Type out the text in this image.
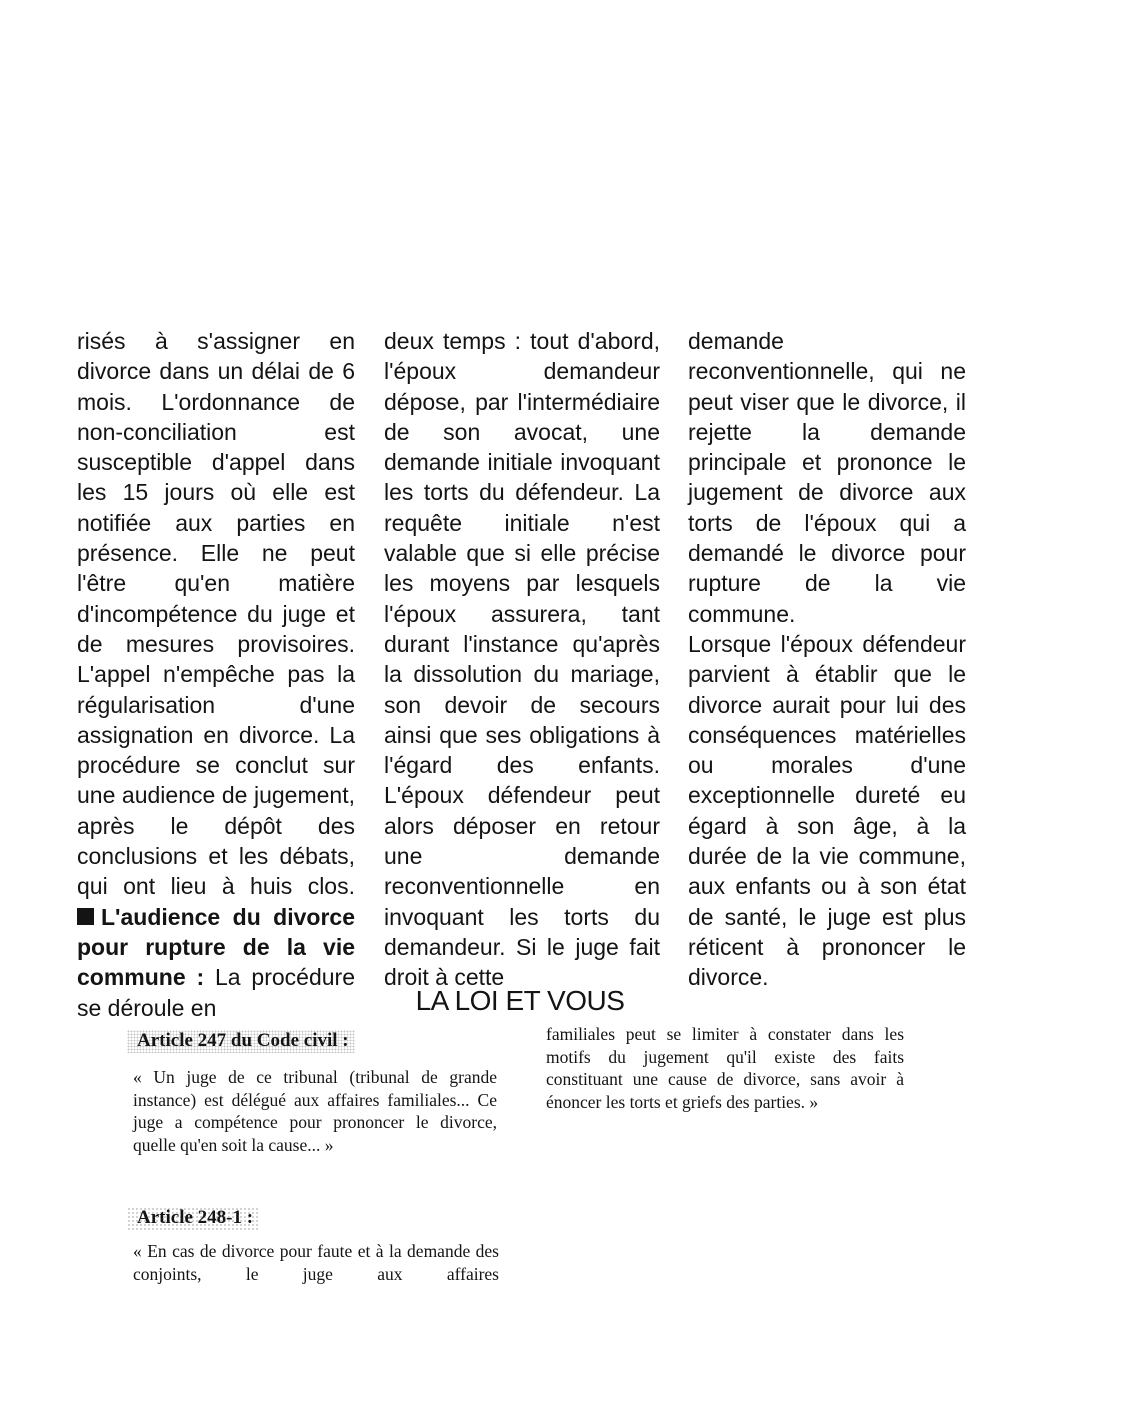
risés à s'assigner en divorce dans un délai de 6 mois. L'ordonnance de non-conciliation est susceptible d'appel dans les 15 jours où elle est notifiée aux parties en présence. Elle ne peut l'être qu'en matière d'incompétence du juge et de mesures provisoires. L'appel n'empêche pas la régularisation d'une assignation en divorce. La procédure se conclut sur une audience de jugement, après le dépôt des conclusions et les débats, qui ont lieu à huis clos.

L'audience du divorce pour rupture de la vie commune : La procédure se déroule en

deux temps : tout d'abord, l'époux demandeur dépose, par l'intermédiaire de son avocat, une demande initiale invoquant les torts du défendeur. La requête initiale n'est valable que si elle précise les moyens par lesquels l'époux assurera, tant durant l'instance qu'après la dissolution du mariage, son devoir de secours ainsi que ses obligations à l'égard des enfants.

L'époux défendeur peut alors déposer en retour une demande reconventionnelle en invoquant les torts du demandeur. Si le juge fait droit à cette

demande reconventionnelle, qui ne peut viser que le divorce, il rejette la demande principale et prononce le jugement de divorce aux torts de l'époux qui a demandé le divorce pour rupture de la vie commune.

Lorsque l'époux défendeur parvient à établir que le divorce aurait pour lui des conséquences matérielles ou morales d'une exceptionnelle dureté eu égard à son âge, à la durée de la vie commune, aux enfants ou à son état de santé, le juge est plus réticent à prononcer le divorce.

LA LOI ET VOUS
Article 247 du Code civil :

« Un juge de ce tribunal (tribunal de grande instance) est délégué aux affaires familiales... Ce juge a compétence pour prononcer le divorce, quelle qu'en soit la cause... »

Article 248-1 :

« En cas de divorce pour faute et à la demande des conjoints, le juge aux affaires

familiales peut se limiter à constater dans les motifs du jugement qu'il existe des faits constituant une cause de divorce, sans avoir à énoncer les torts et griefs des parties. »
